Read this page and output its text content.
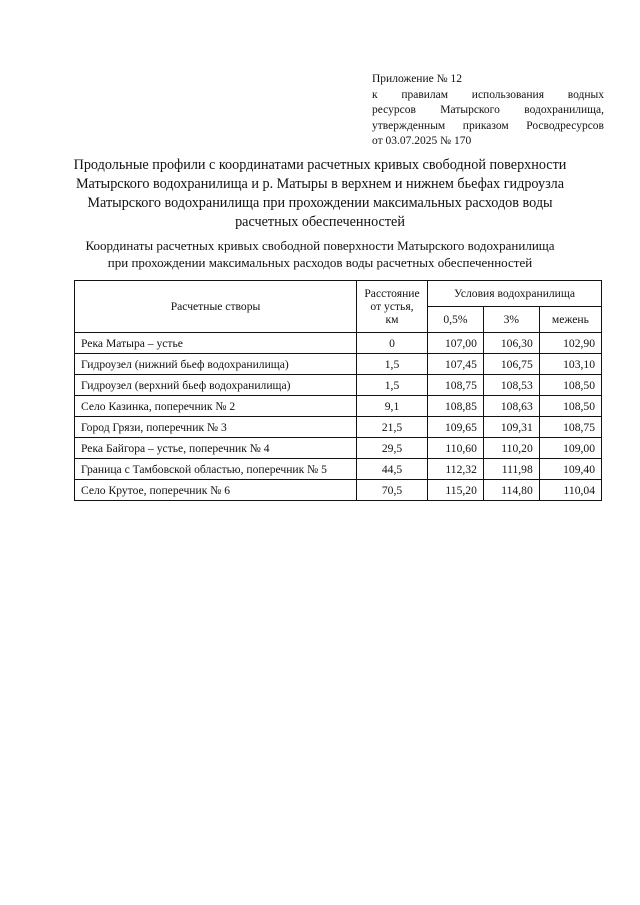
Приложение № 12
к правилам использования водных
ресурсов Матырского водохранилища,
утвержденным приказом Росводресурсов
от 03.07.2025 № 170
Продольные профили с координатами расчетных кривых свободной поверхности
Матырского водохранилища и р. Матыры в верхнем и нижнем бьефах гидроузла
Матырского водохранилища при прохождении максимальных расходов воды
расчетных обеспеченностей
Координаты расчетных кривых свободной поверхности Матырского водохранилища
при прохождении максимальных расходов воды расчетных обеспеченностей
Расчетные створы	Расстояние
от устья,
км	Условия водохранилища		
		0,5%	3%	межень
Река Матыра – устье	0	107,00	106,30	102,90
Гидроузел (нижний бьеф водохранилища)	1,5	107,45	106,75	103,10
Гидроузел (верхний бьеф водохранилища)	1,5	108,75	108,53	108,50
Село Казинка, поперечник № 2	9,1	108,85	108,63	108,50
Город Грязи, поперечник № 3	21,5	109,65	109,31	108,75
Река Байгора – устье, поперечник № 4	29,5	110,60	110,20	109,00
Граница с Тамбовской областью, поперечник № 5	44,5	112,32	111,98	109,40
Село Крутое, поперечник № 6	70,5	115,20	114,80	110,04
